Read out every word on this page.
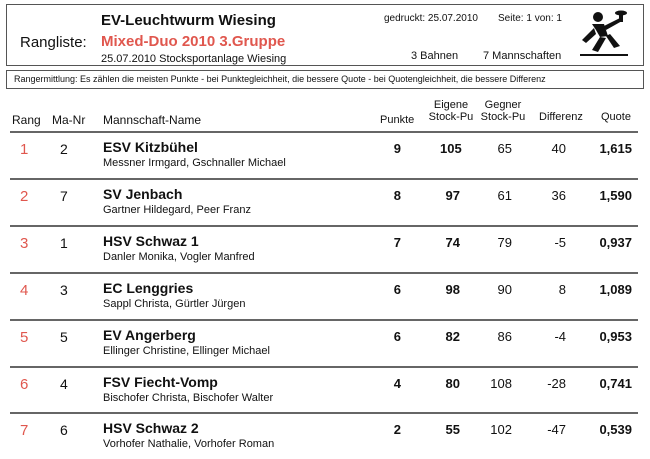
Rangliste:
EV-Leuchtwurm Wiesing
Mixed-Duo 2010 3.Gruppe
25.07.2010 Stocksportanlage Wiesing
gedruckt: 25.07.2010 Seite: 1 von: 1
3 Bahnen 7 Mannschaften
Rangermittlung: Es zählen die meisten Punkte - bei Punktegleichheit, die bessere Quote - bei Quotengleichheit, die bessere Differenz
Rang Ma-Nr Mannschaft-Name	Punkte
Eigene
Stock-Pu
Gegner
Stock-Pu Differenz Quote
1 2	ESV Kitzbühel
Messner Irmgard, Gschnaller Michael
9	105	65	40	1,615
2 7	SV Jenbach
Gartner Hildegard, Peer Franz
8	97	61	36	1,590
3 1	HSV Schwaz 1
Danler Monika, Vogler Manfred
7	74	79	-5	0,937
4 3	EC Lenggries
Sappl Christa, Gürtler Jürgen
6	98	90	8	1,089
5 5	EV Angerberg
Ellinger Christine, Ellinger Michael
6	82	86	-4	0,953
6 4	FSV Fiecht-Vomp
Bischofer Christa, Bischofer Walter
4	80 108	-28	0,741
7 6	HSV Schwaz 2
Vorhofer Nathalie, Vorhofer Roman
2	55 102	-47	0,539
